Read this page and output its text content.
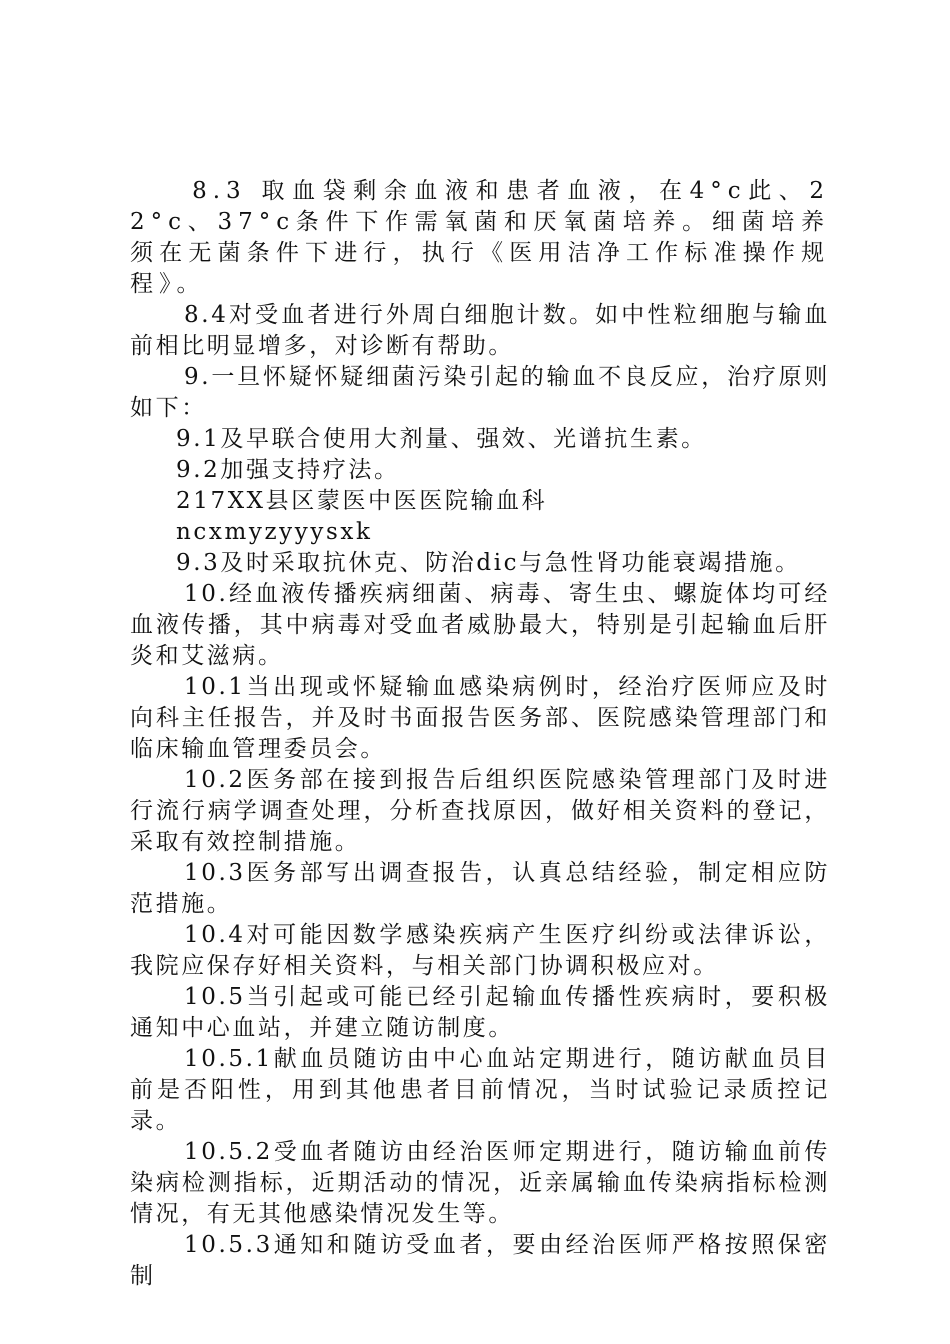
8.3 取血袋剩余血液和患者血液，在4°c此、22°c、37°c条件下作需氧菌和厌氧菌培养。细菌培养须在无菌条件下进行，执行《医用洁净工作标准操作规程》。

8.4对受血者进行外周白细胞计数。如中性粒细胞与输血前相比明显增多，对诊断有帮助。

9.一旦怀疑怀疑细菌污染引起的输血不良反应，治疗原则如下：

9.1及早联合使用大剂量、强效、光谱抗生素。

9.2加强支持疗法。

217XX县区蒙医中医医院输血科

ncxmyzyyysxk

9.3及时采取抗休克、防治dic与急性肾功能衰竭措施。

10.经血液传播疾病细菌、病毒、寄生虫、螺旋体均可经血液传播，其中病毒对受血者威胁最大，特别是引起输血后肝炎和艾滋病。

10.1当出现或怀疑输血感染病例时，经治疗医师应及时向科主任报告，并及时书面报告医务部、医院感染管理部门和临床输血管理委员会。

10.2医务部在接到报告后组织医院感染管理部门及时进行流行病学调查处理，分析查找原因，做好相关资料的登记，采取有效控制措施。

10.3医务部写出调查报告，认真总结经验，制定相应防范措施。

10.4对可能因数学感染疾病产生医疗纠纷或法律诉讼，我院应保存好相关资料，与相关部门协调积极应对。

10.5当引起或可能已经引起输血传播性疾病时，要积极通知中心血站，并建立随访制度。

10.5.1献血员随访由中心血站定期进行，随访献血员目前是否阳性，用到其他患者目前情况，当时试验记录质控记录。

10.5.2受血者随访由经治医师定期进行，随访输血前传染病检测指标，近期活动的情况，近亲属输血传染病指标检测情况，有无其他感染情况发生等。

10.5.3通知和随访受血者，要由经治医师严格按照保密制
